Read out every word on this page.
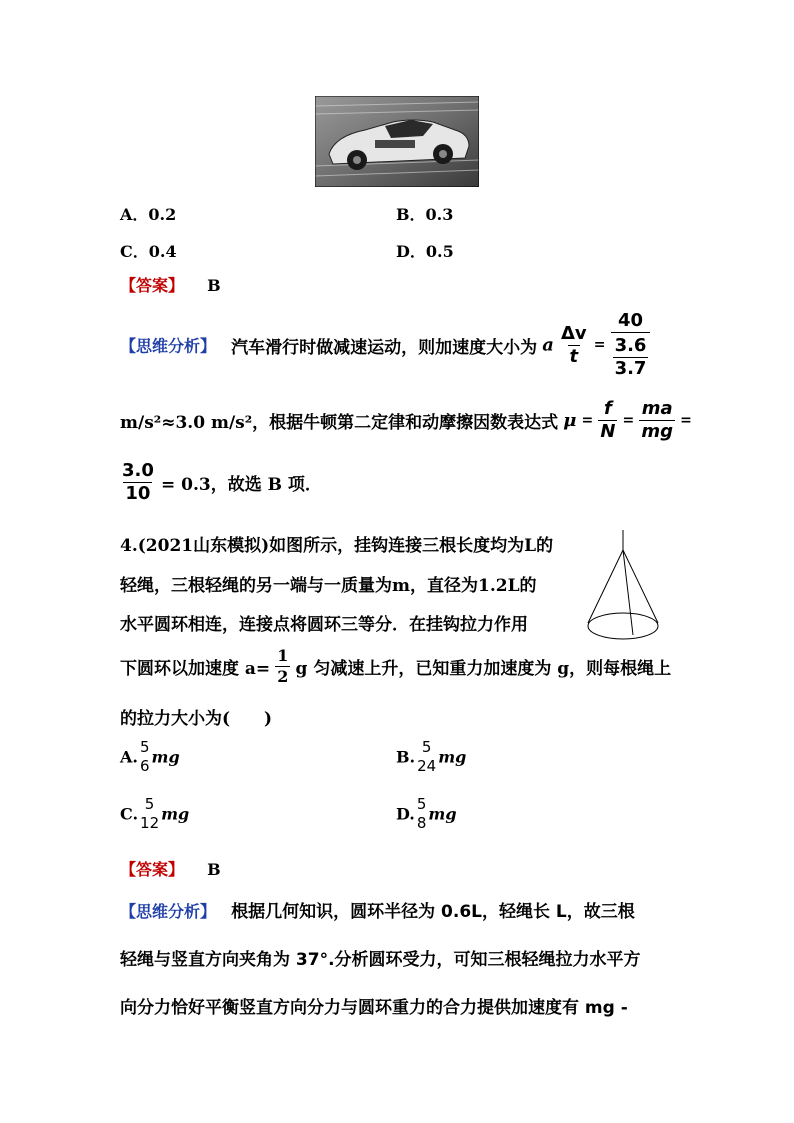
A．0.2	B．0.3
C．0.4	D．0.5
【答案】 B
【思维分析】 汽车滑行时做减速运动，则加速度大小为 a $\frac{\Delta v}{t} = \frac{40}{\frac{3.6}{3.7}}$
m/s²≈3.0 m/s²，根据牛顿第二定律和动摩擦因数表达式 $\mu = \frac{f}{N} = \frac{ma}{mg}$ =
$\frac{3.0}{10} = 0.3$，故选 B 项．
4.(2021山东模拟)如图所示，挂钩连接三根长度均为L的
轻绳，三根轻绳的另一端与一质量为m，直径为1.2L的
水平圆环相连，连接点将圆环三等分．在挂钩拉力作用
下圆环以加速度 $a= \frac{1}{2}$ g 匀减速上升，已知重力加速度为 g，则每根绳上
的拉力大小为(　　)
A.
5
6 mg	B.
5
24 mg
C.
5
12 mg	D.
5
8 mg
【答案】 B
【思维分析】 根据几何知识，圆环半径为 0.6L，轻绳长 L，故三根
轻绳与竖直方向夹角为 37°.分析圆环受力，可知三根轻绳拉力水平方
向分力恰好平衡竖直方向分力与圆环重力的合力提供加速度有 mg -
